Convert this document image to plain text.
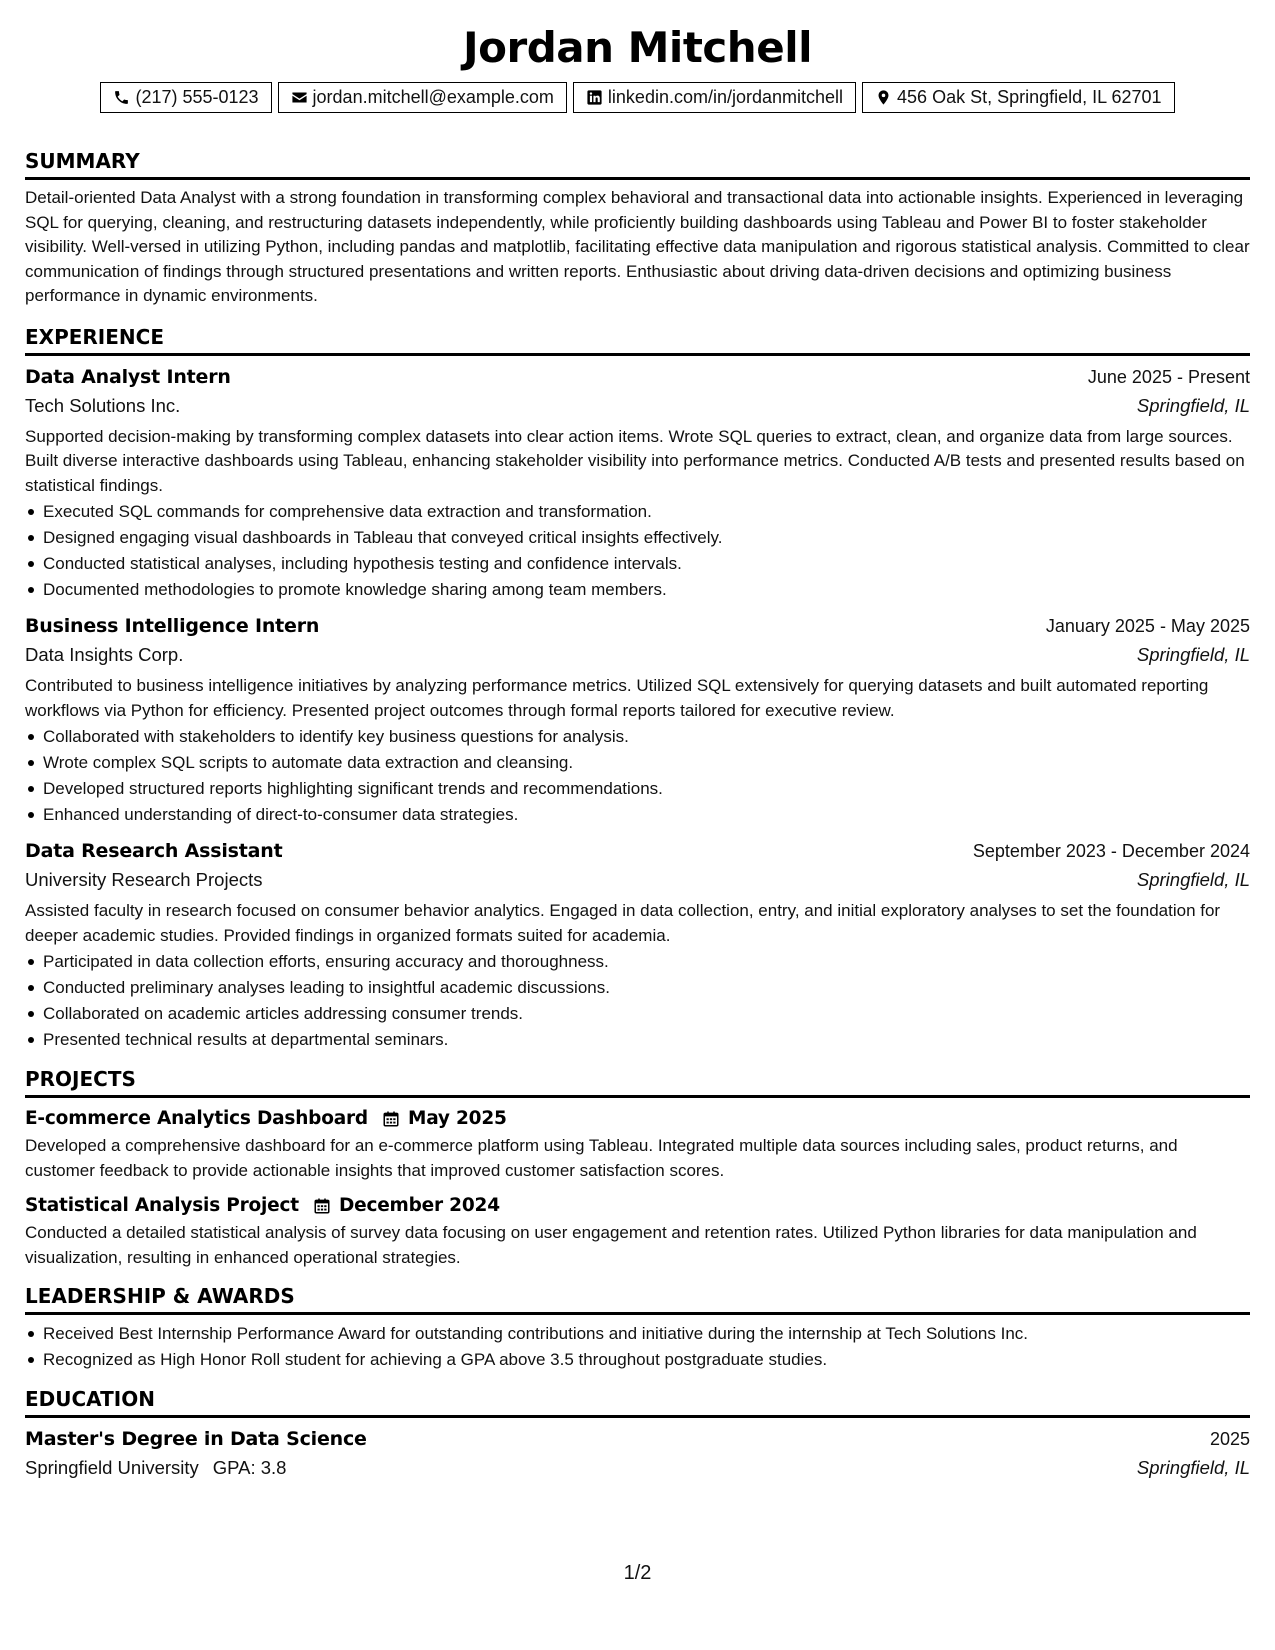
Jordan Mitchell
(217) 555-0123	jordan.mitchell@example.com	linkedin.com/in/jordanmitchell	456 Oak St, Springfield, IL 62701
SUMMARY
Detail-oriented Data Analyst with a strong foundation in transforming complex behavioral and transactional data into actionable insights. Experienced in leveraging SQL for querying, cleaning, and restructuring datasets independently, while proficiently building dashboards using Tableau and Power BI to foster stakeholder visibility. Well-versed in utilizing Python, including pandas and matplotlib, facilitating effective data manipulation and rigorous statistical analysis. Committed to clear communication of findings through structured presentations and written reports. Enthusiastic about driving data-driven decisions and optimizing business performance in dynamic environments.
EXPERIENCE
Data Analyst Intern	June 2025 - Present
Tech Solutions Inc.	Springfield, IL
Supported decision-making by transforming complex datasets into clear action items. Wrote SQL queries to extract, clean, and organize data from large sources. Built diverse interactive dashboards using Tableau, enhancing stakeholder visibility into performance metrics. Conducted A/B tests and presented results based on statistical findings.
Executed SQL commands for comprehensive data extraction and transformation.
Designed engaging visual dashboards in Tableau that conveyed critical insights effectively.
Conducted statistical analyses, including hypothesis testing and confidence intervals.
Documented methodologies to promote knowledge sharing among team members.
Business Intelligence Intern	January 2025 - May 2025
Data Insights Corp.	Springfield, IL
Contributed to business intelligence initiatives by analyzing performance metrics. Utilized SQL extensively for querying datasets and built automated reporting workflows via Python for efficiency. Presented project outcomes through formal reports tailored for executive review.
Collaborated with stakeholders to identify key business questions for analysis.
Wrote complex SQL scripts to automate data extraction and cleansing.
Developed structured reports highlighting significant trends and recommendations.
Enhanced understanding of direct-to-consumer data strategies.
Data Research Assistant	September 2023 - December 2024
University Research Projects	Springfield, IL
Assisted faculty in research focused on consumer behavior analytics. Engaged in data collection, entry, and initial exploratory analyses to set the foundation for deeper academic studies. Provided findings in organized formats suited for academia.
Participated in data collection efforts, ensuring accuracy and thoroughness.
Conducted preliminary analyses leading to insightful academic discussions.
Collaborated on academic articles addressing consumer trends.
Presented technical results at departmental seminars.
PROJECTS
E-commerce Analytics Dashboard May 2025
Developed a comprehensive dashboard for an e-commerce platform using Tableau. Integrated multiple data sources including sales, product returns, and customer feedback to provide actionable insights that improved customer satisfaction scores.
Statistical Analysis Project December 2024
Conducted a detailed statistical analysis of survey data focusing on user engagement and retention rates. Utilized Python libraries for data manipulation and visualization, resulting in enhanced operational strategies.
LEADERSHIP & AWARDS
Received Best Internship Performance Award for outstanding contributions and initiative during the internship at Tech Solutions Inc.
Recognized as High Honor Roll student for achieving a GPA above 3.5 throughout postgraduate studies.
EDUCATION
Master's Degree in Data Science	2025
Springfield University GPA: 3.8	Springfield, IL
1/2
